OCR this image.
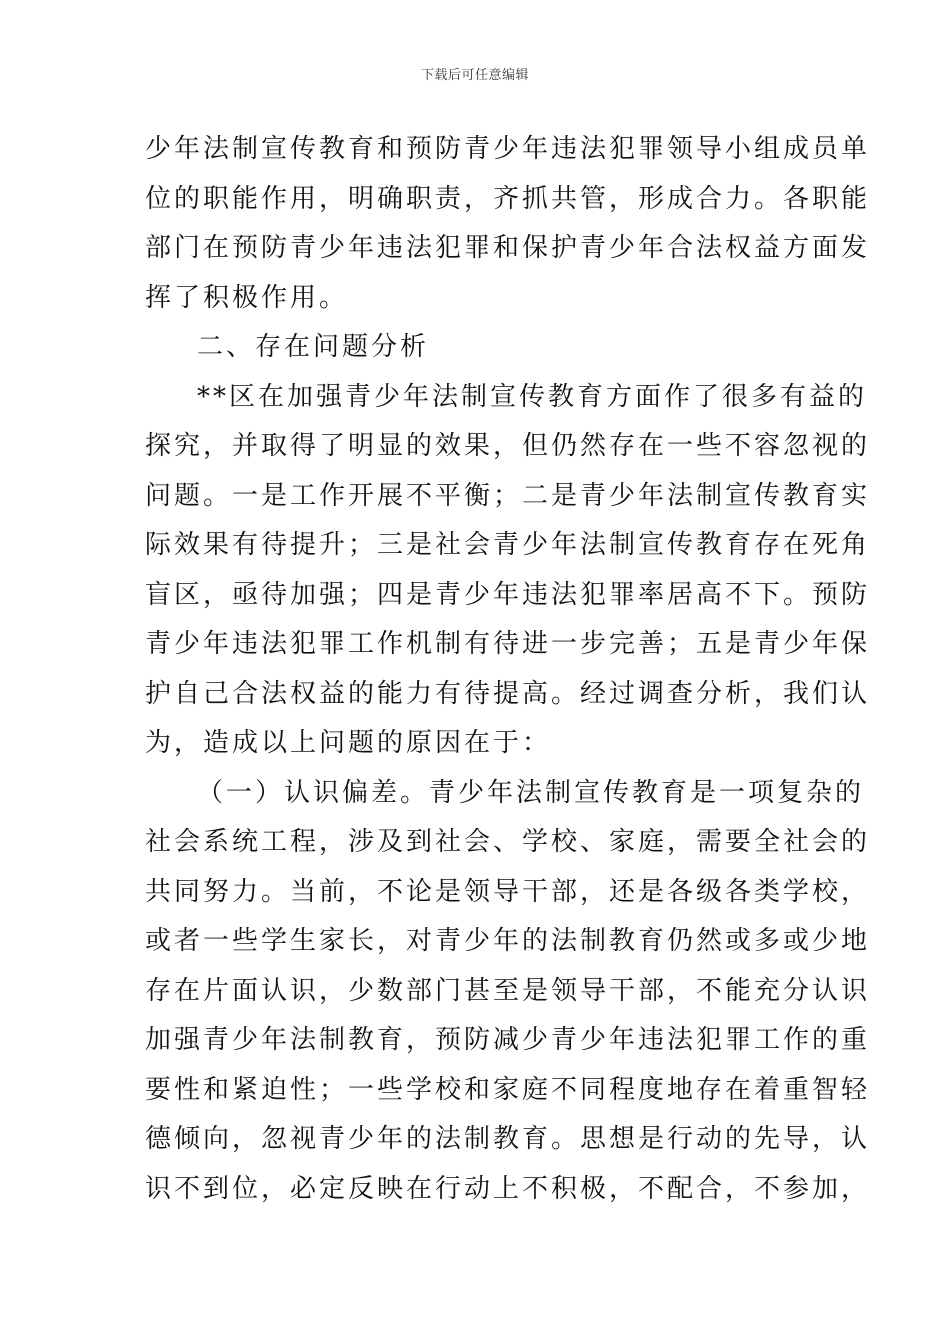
下载后可任意编辑
少年法制宣传教育和预防青少年违法犯罪领导小组成员单
位的职能作用，明确职责，齐抓共管，形成合力。各职能
部门在预防青少年违法犯罪和保护青少年合法权益方面发
挥了积极作用。
二、存在问题分析
**区在加强青少年法制宣传教育方面作了很多有益的
探究，并取得了明显的效果，但仍然存在一些不容忽视的
问题。一是工作开展不平衡；二是青少年法制宣传教育实
际效果有待提升；三是社会青少年法制宣传教育存在死角
盲区，亟待加强；四是青少年违法犯罪率居高不下。预防
青少年违法犯罪工作机制有待进一步完善；五是青少年保
护自己合法权益的能力有待提高。经过调查分析，我们认
为，造成以上问题的原因在于：
（一）认识偏差。青少年法制宣传教育是一项复杂的
社会系统工程，涉及到社会、学校、家庭，需要全社会的
共同努力。当前，不论是领导干部，还是各级各类学校，
或者一些学生家长，对青少年的法制教育仍然或多或少地
存在片面认识，少数部门甚至是领导干部，不能充分认识
加强青少年法制教育，预防减少青少年违法犯罪工作的重
要性和紧迫性；一些学校和家庭不同程度地存在着重智轻
德倾向，忽视青少年的法制教育。思想是行动的先导，认
识不到位，必定反映在行动上不积极，不配合，不参加，
